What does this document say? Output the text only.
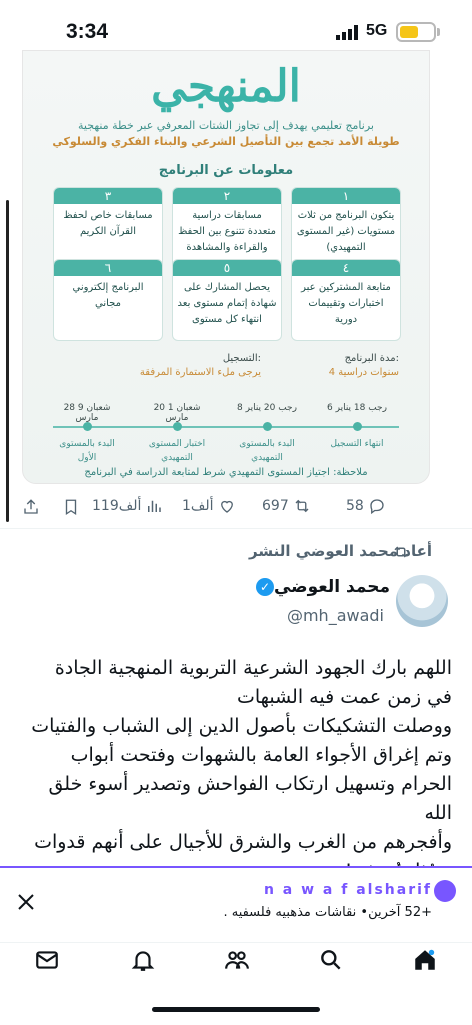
3:34	5G
المنهجي
برنامج تعليمي يهدف إلى تجاوز الشتات المعرفي عبر خطة منهجية
طويلة الأمد تجمع بين التأصيل الشرعي والبناء الفكري والسلوكي
معلومات عن البرنامج
١
يتكون البرنامج من ثلاث مستويات (غير المستوى التمهيدي)
٢
مسابقات دراسية متعددة تتنوع بين الحفظ والقراءة والمشاهدة
٣
مسابقات خاص لحفظ القرآن الكريم
٤
متابعة المشتركين عبر اختبارات وتقييمات دورية
٥
يحصل المشارك على شهادة إتمام مستوى بعد انتهاء كل مستوى
٦
البرنامج إلكتروني مجاني
مدة البرنامج:
4 سنوات دراسية
التسجيل:
يرجى ملء الاستمارة المرفقة
6 رجب 18 يناير
8 رجب 20 يناير
20 شعبان 1 مارس
28 شعبان 9 مارس
انتهاء التسجيل
البدء بالمستوى التمهيدي
اختبار المستوى التمهيدي
البدء بالمستوى الأول
ملاحظة: اجتياز المستوى التمهيدي شرط لمتابعة الدراسة في البرنامج
58
697
1ألف
119ألف
أعاد محمد العوضي النشر
محمد العوضي
✓
@mh_awadi

اللهم بارك الجهود الشرعية التربوية المنهجية الجادة

في زمن عمت فيه الشبهات

ووصلت التشكيكات بأصول الدين إلى الشباب والفتيات

وتم إغراق الأجواء العامة بالشهوات وفتحت أبواب

الحرام وتسهيل ارتكاب الفواحش وتصدير أسوء خلق الله

وأفجرهم من الغرب والشرق للأجيال على أنهم قدوات

n a w a f alsharif
+52 آخرين• نقاشات مذهبيه فلسفيه .
